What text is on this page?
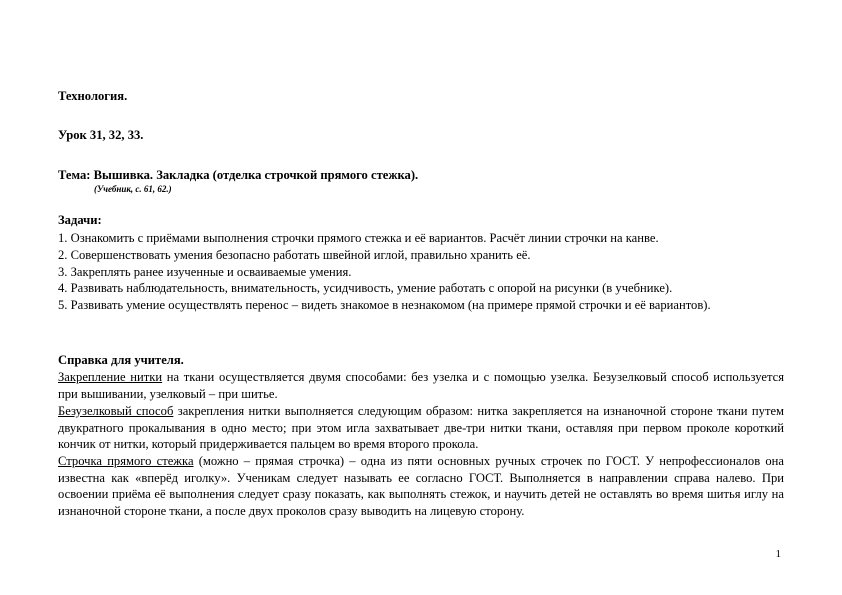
Технология.
Урок 31, 32, 33.
Тема: Вышивка. Закладка (отделка строчкой прямого стежка).
(Учебник, с. 61, 62.)
Задачи:
1. Ознакомить с приёмами выполнения строчки прямого стежка и её вариантов. Расчёт линии строчки на канве.
2. Совершенствовать умения безопасно работать швейной иглой, правильно хранить её.
3. Закреплять ранее изученные и осваиваемые умения.
4. Развивать наблюдательность, внимательность, усидчивость, умение работать с опорой на рисунки (в учебнике).
5. Развивать умение осуществлять перенос – видеть знакомое в незнакомом (на примере прямой строчки и её вариантов).
Справка для учителя.
Закрепление нитки на ткани осуществляется двумя способами: без узелка и с помощью узелка. Безузелковый способ используется при вышивании, узелковый – при шитье.
Безузелковый способ закрепления нитки выполняется следующим образом: нитка закрепляется на изнаночной стороне ткани путем двукратного прокалывания в одно место; при этом игла захватывает две-три нитки ткани, оставляя при первом проколе короткий кончик от нитки, который придерживается пальцем во время второго прокола.
Строчка прямого стежка (можно – прямая строчка) – одна из пяти основных ручных строчек по ГОСТ. У непрофессионалов она известна как «вперёд иголку». Ученикам следует называть ее согласно ГОСТ. Выполняется в направлении справа налево. При освоении приёма её выполнения следует сразу показать, как выполнять стежок, и научить детей не оставлять во время шитья иглу на изнаночной стороне ткани, а после двух проколов сразу выводить на лицевую сторону.
1
